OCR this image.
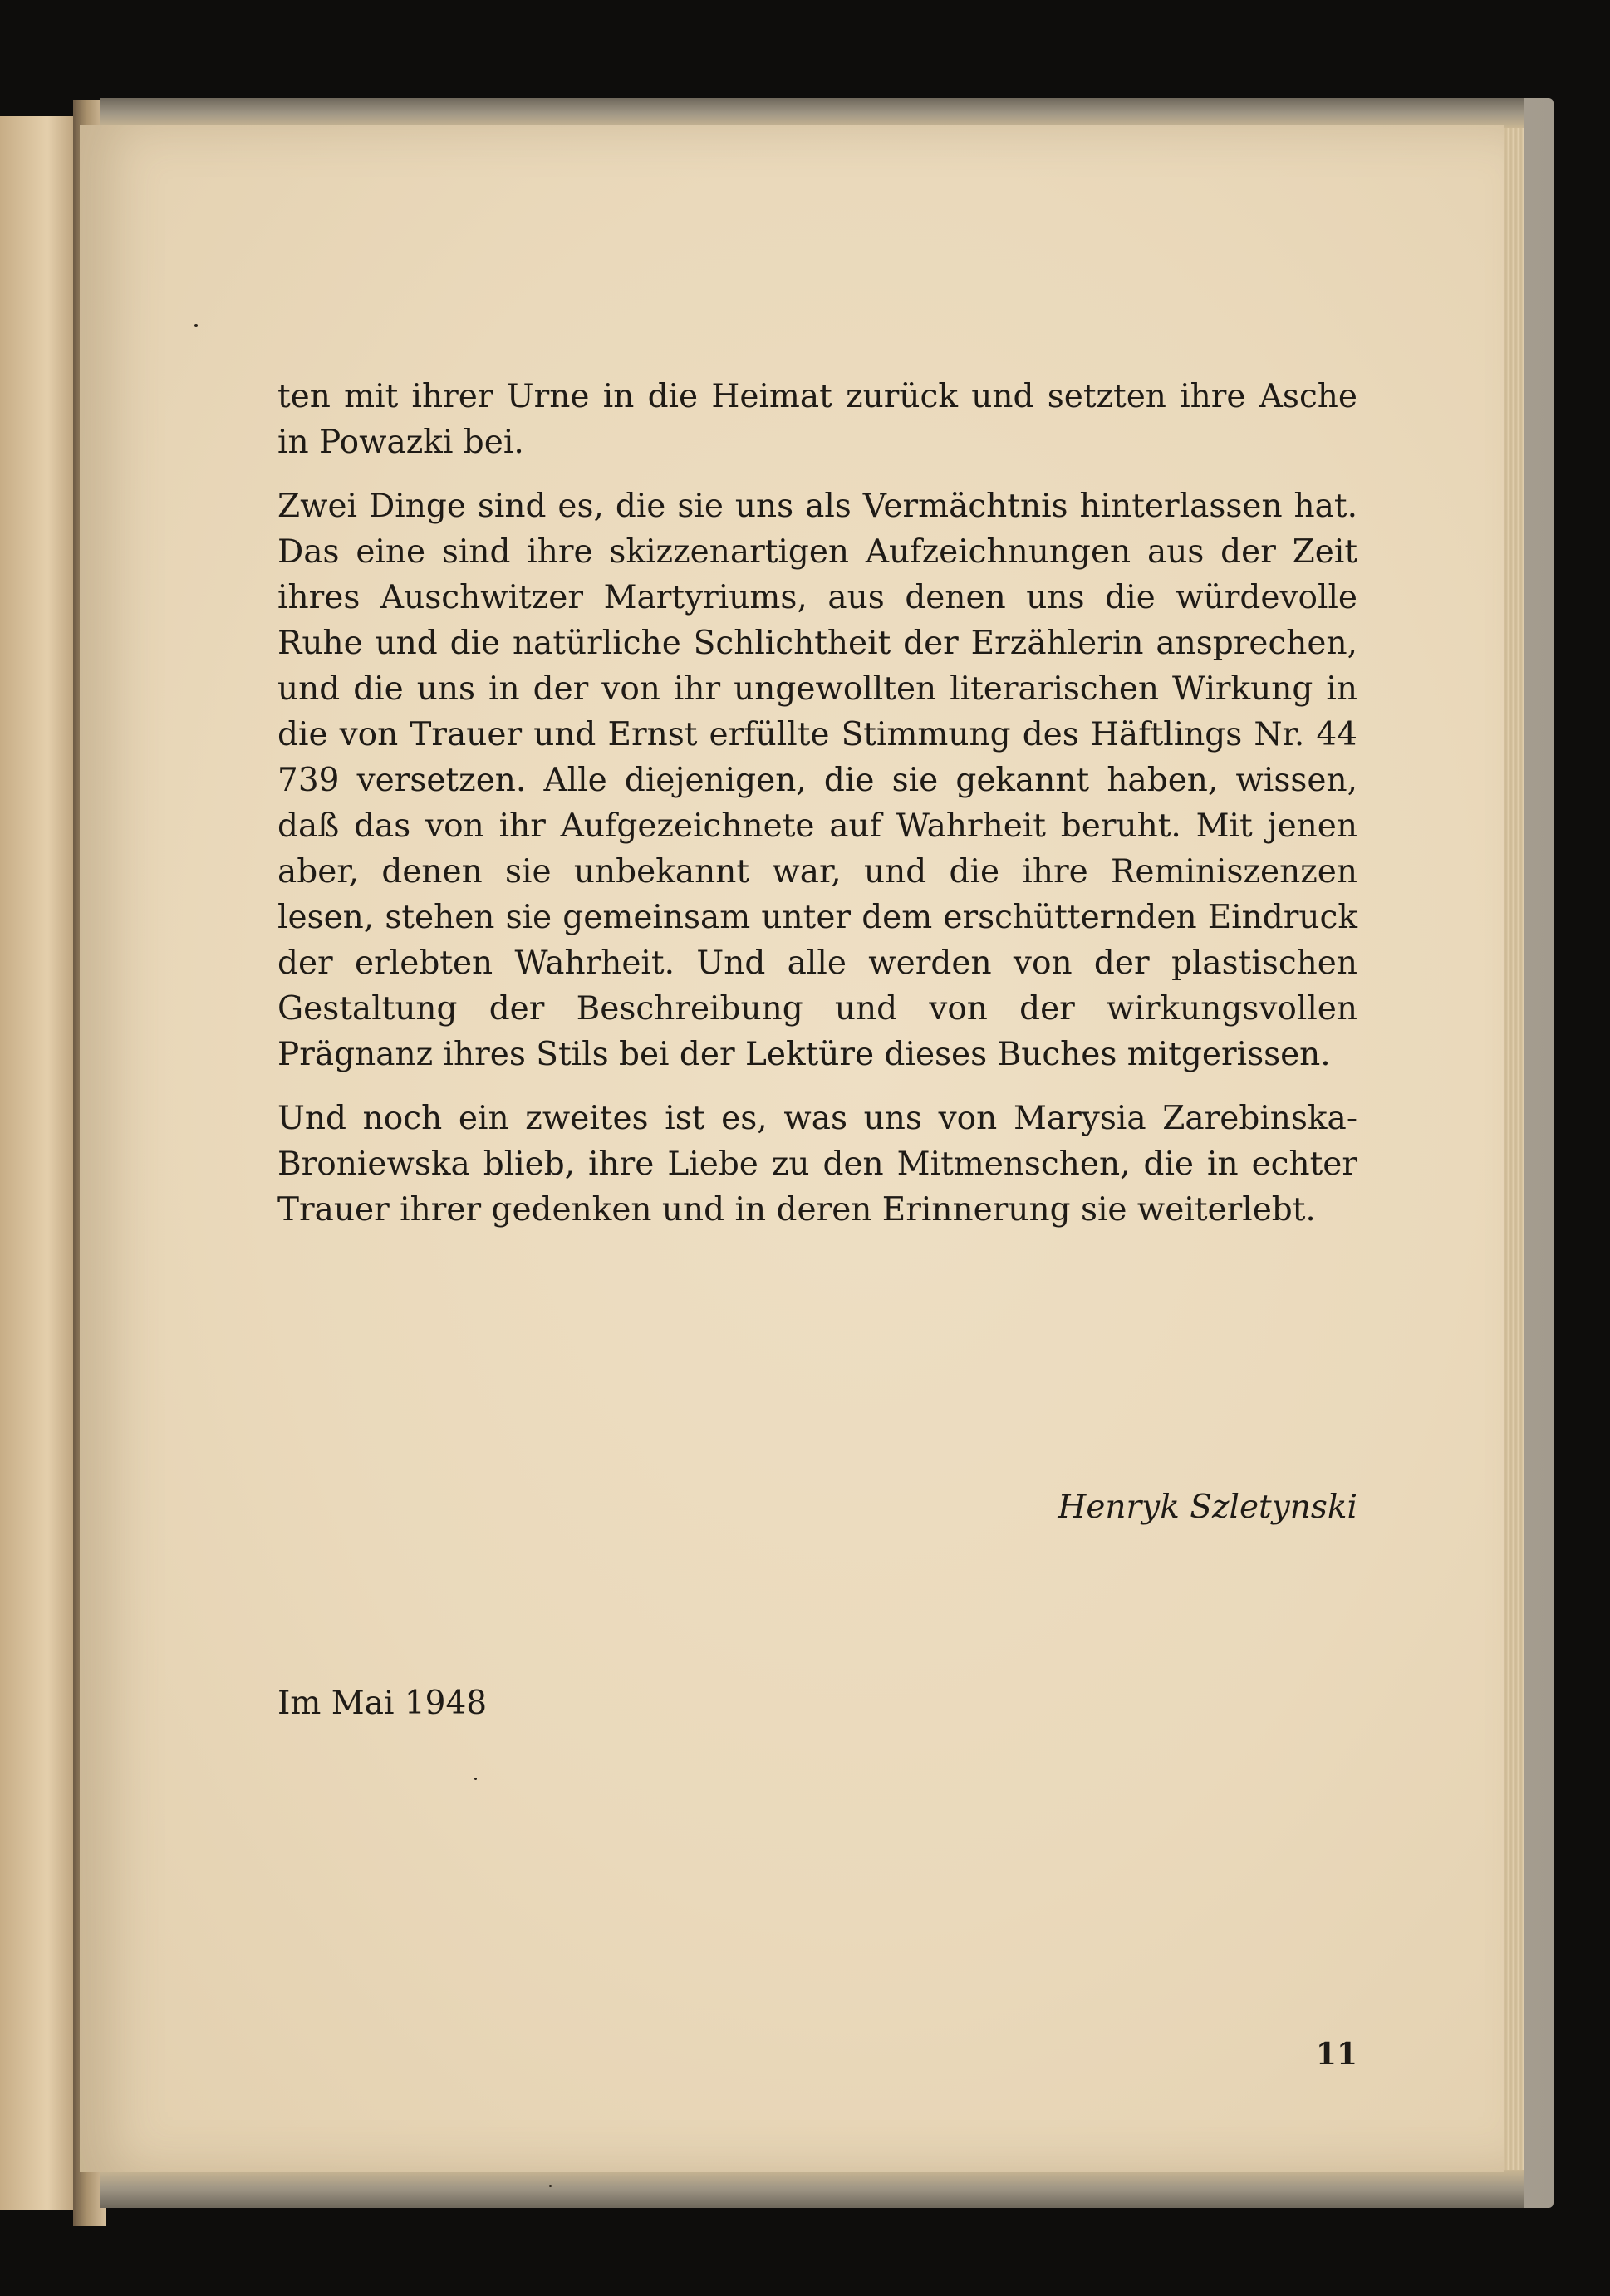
ten mit ihrer Urne in die Heimat zurück und setzten ihre Asche in Powazki bei.

Zwei Dinge sind es, die sie uns als Vermächtnis hinterlassen hat. Das eine sind ihre skizzenartigen Aufzeichnungen aus der Zeit ihres Auschwitzer Martyriums, aus denen uns die würdevolle Ruhe und die natürliche Schlichtheit der Erzählerin ansprechen, und die uns in der von ihr ungewollten literarischen Wirkung in die von Trauer und Ernst erfüllte Stimmung des Häftlings Nr. 44 739 versetzen. Alle diejenigen, die sie gekannt haben, wissen, daß das von ihr Aufgezeichnete auf Wahrheit beruht. Mit jenen aber, denen sie unbekannt war, und die ihre Reminiszenzen lesen, stehen sie gemeinsam unter dem erschütternden Eindruck der erlebten Wahrheit. Und alle werden von der plastischen Gestaltung der Beschreibung und von der wirkungsvollen Prägnanz ihres Stils bei der Lektüre dieses Buches mitgerissen.

Und noch ein zweites ist es, was uns von Marysia Zarebinska-Broniewska blieb, ihre Liebe zu den Mitmenschen, die in echter Trauer ihrer gedenken und in deren Erinnerung sie weiterlebt.

Henryk Szletynski
Im Mai 1948
11
